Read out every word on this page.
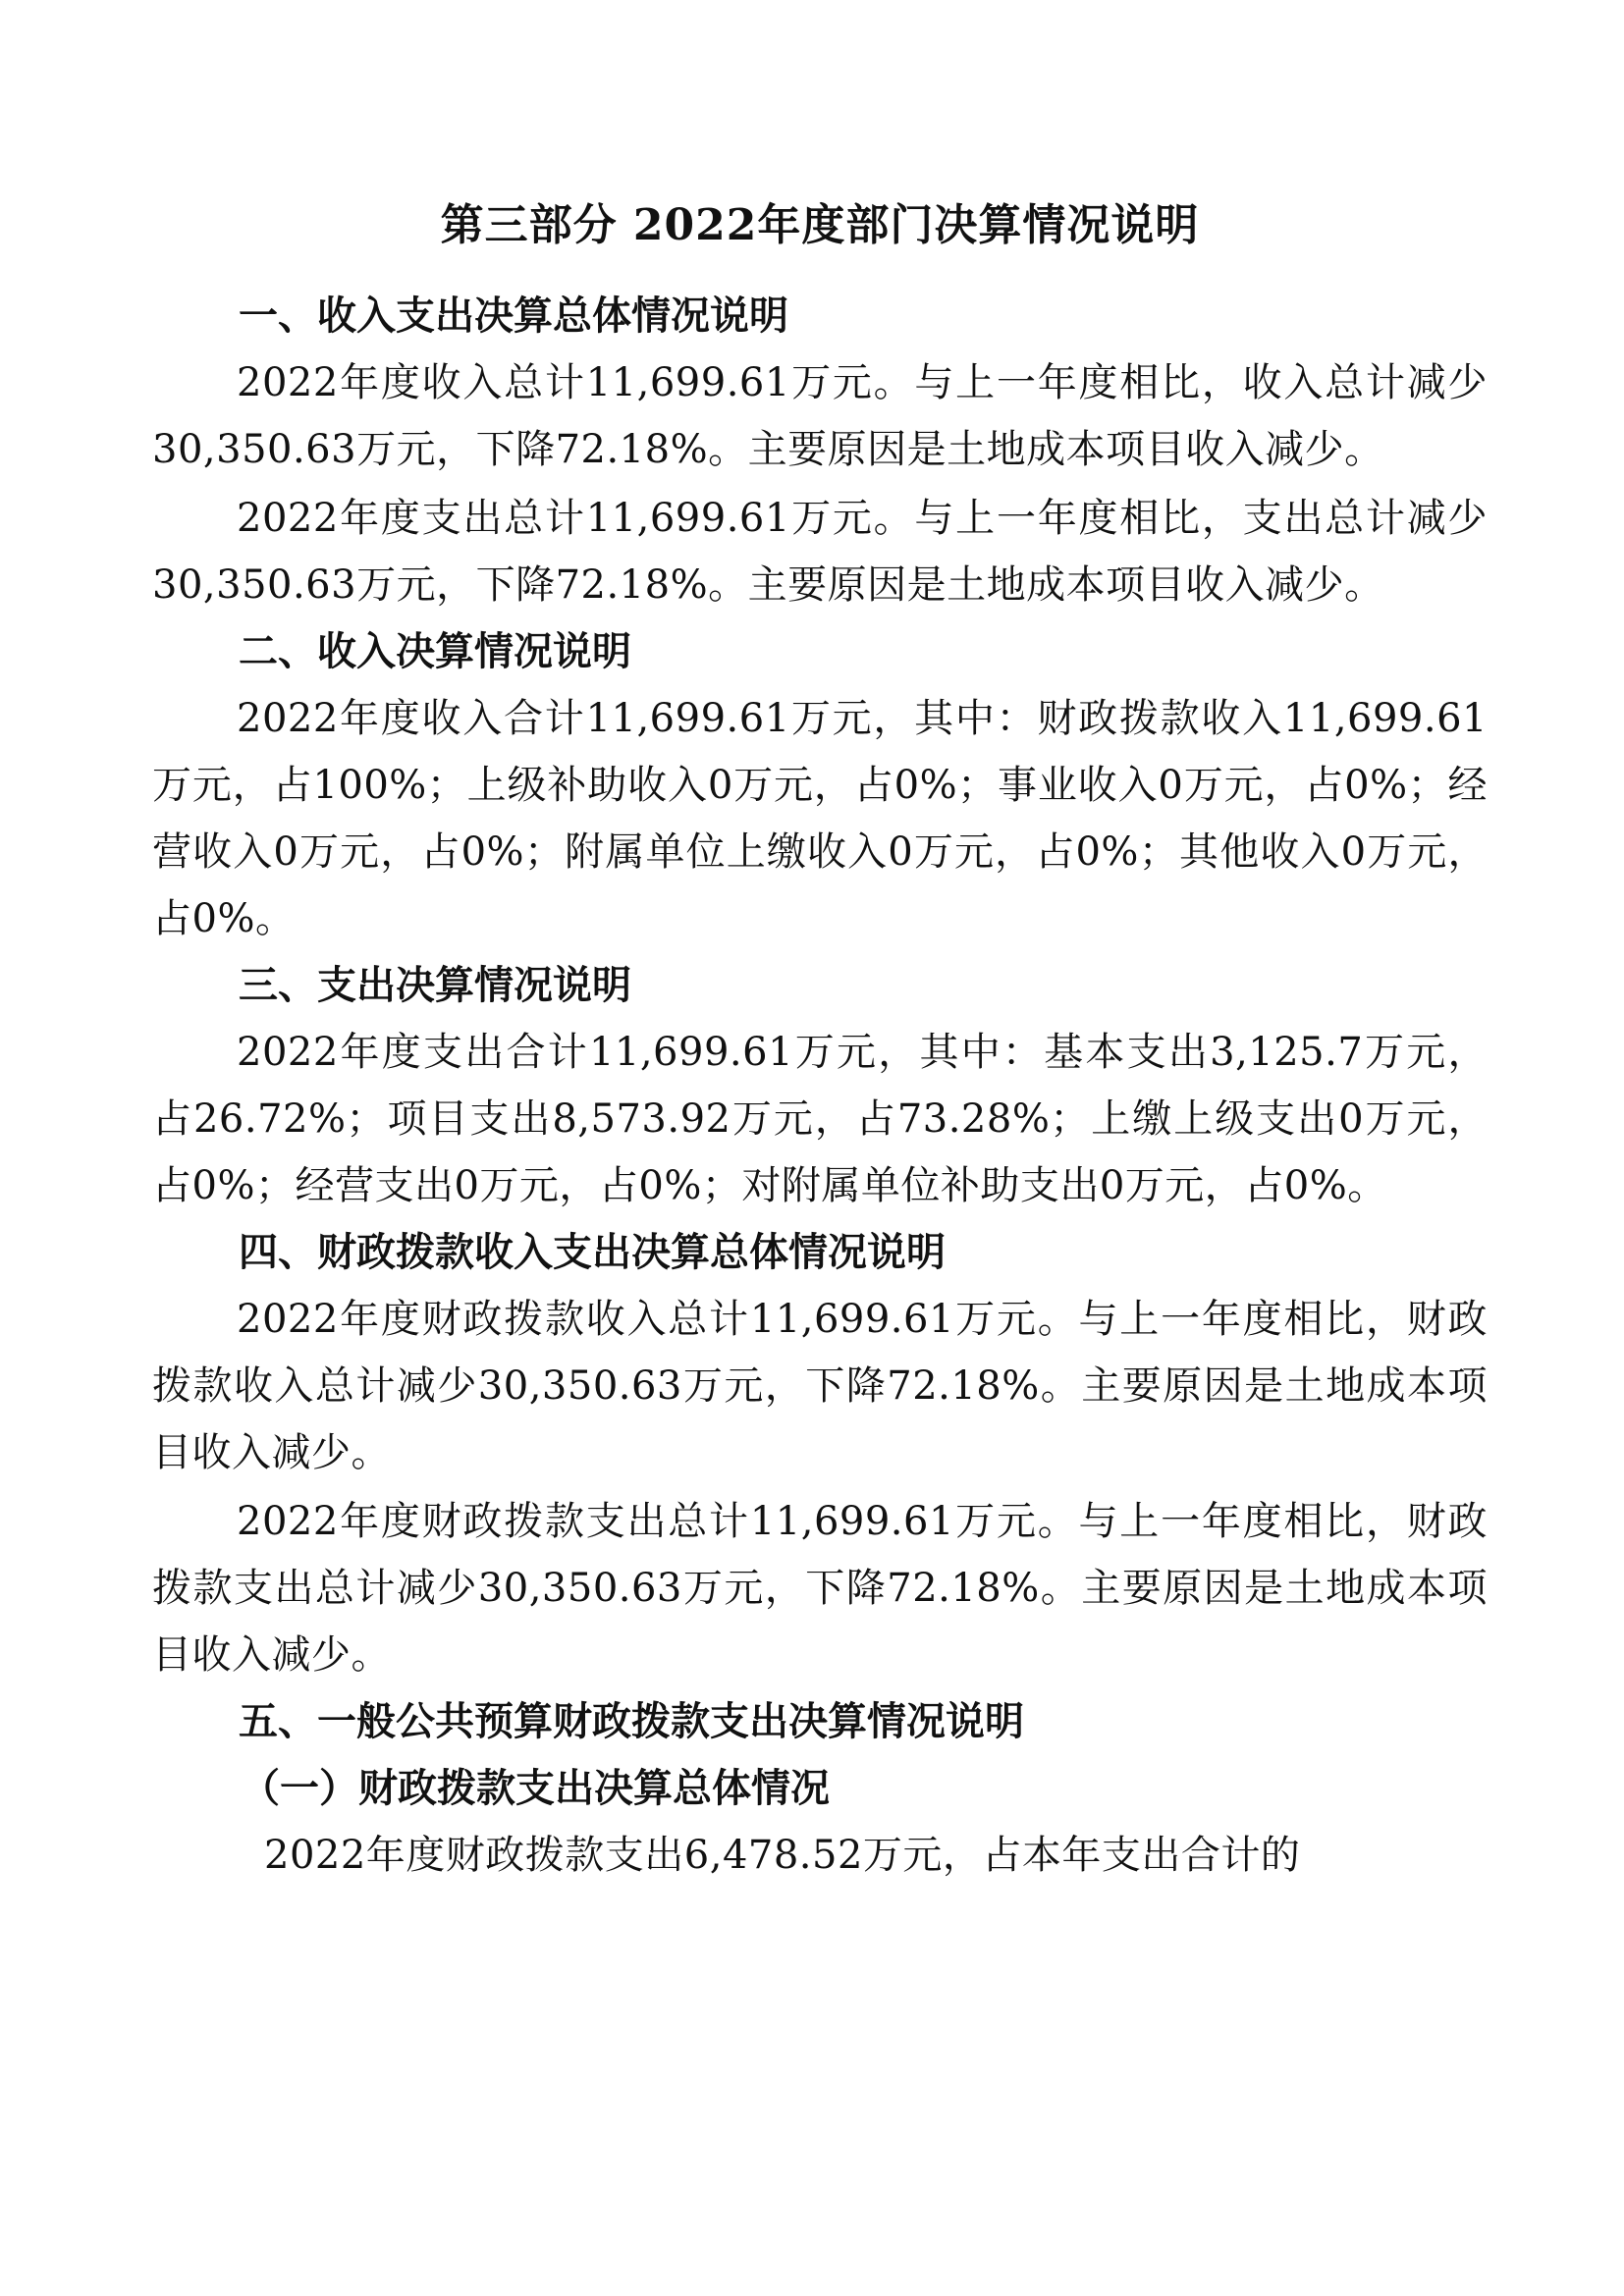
第三部分 2022年度部门决算情况说明
一、收入支出决算总体情况说明

2022年度收入总计11,699.61万元。与上一年度相比，收入总计减少30,350.63万元，下降72.18%。主要原因是土地成本项目收入减少。

2022年度支出总计11,699.61万元。与上一年度相比，支出总计减少30,350.63万元，下降72.18%。主要原因是土地成本项目收入减少。

二、收入决算情况说明

2022年度收入合计11,699.61万元，其中：财政拨款收入11,699.61万元，占100%；上级补助收入0万元，占0%；事业收入0万元，占0%；经营收入0万元，占0%；附属单位上缴收入0万元，占0%；其他收入0万元，占0%。

三、支出决算情况说明

2022年度支出合计11,699.61万元，其中：基本支出3,125.7万元，占26.72%；项目支出8,573.92万元，占73.28%；上缴上级支出0万元，占0%；经营支出0万元，占0%；对附属单位补助支出0万元，占0%。

四、财政拨款收入支出决算总体情况说明

2022年度财政拨款收入总计11,699.61万元。与上一年度相比，财政拨款收入总计减少30,350.63万元，下降72.18%。主要原因是土地成本项目收入减少。

2022年度财政拨款支出总计11,699.61万元。与上一年度相比，财政拨款支出总计减少30,350.63万元，下降72.18%。主要原因是土地成本项目收入减少。

五、一般公共预算财政拨款支出决算情况说明
（一）财政拨款支出决算总体情况

2022年度财政拨款支出6,478.52万元，占本年支出合计的
